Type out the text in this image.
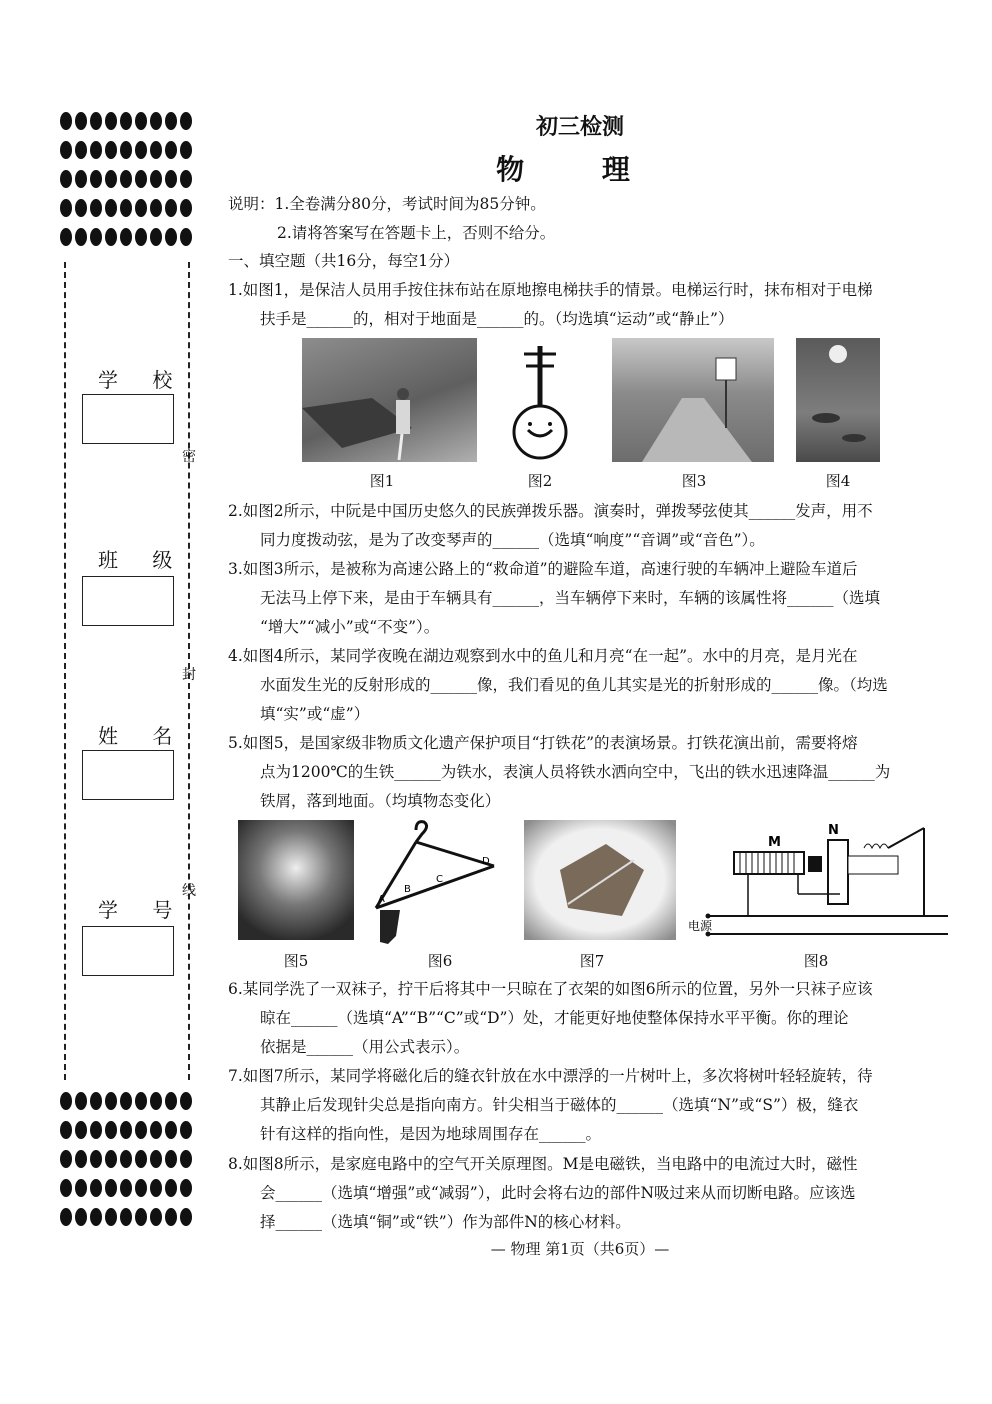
密
封
线
学 校
班 级
姓 名
学 号
初三检测
物 理
说明：1.全卷满分80分，考试时间为85分钟。
2.请将答案写在答题卡上，否则不给分。
一、填空题（共16分，每空1分）
1.如图1，是保洁人员用手按住抹布站在原地擦电梯扶手的情景。电梯运行时，抹布相对于电梯
扶手是______的，相对于地面是______的。（均选填“运动”或“静止”）
图1	图2	图3	图4
2.如图2所示，中阮是中国历史悠久的民族弹拨乐器。演奏时，弹拨琴弦使其______发声，用不
同力度拨动弦，是为了改变琴声的______（选填“响度”“音调”或“音色”）。
3.如图3所示，是被称为高速公路上的“救命道”的避险车道，高速行驶的车辆冲上避险车道后
无法马上停下来，是由于车辆具有______，当车辆停下来时，车辆的该属性将______（选填
“增大”“减小”或“不变”）。
4.如图4所示，某同学夜晚在湖边观察到水中的鱼儿和月亮“在一起”。水中的月亮，是月光在
水面发生光的反射形成的______像，我们看见的鱼儿其实是光的折射形成的______像。（均选
填“实”或“虚”）
5.如图5，是国家级非物质文化遗产保护项目“打铁花”的表演场景。打铁花演出前，需要将熔
点为1200℃的生铁______为铁水，表演人员将铁水洒向空中，飞出的铁水迅速降温______为
铁屑，落到地面。（均填物态变化）
A
B
C
D
M
N
电源
图5	图6	图7	图8
6.某同学洗了一双袜子，拧干后将其中一只晾在了衣架的如图6所示的位置，另外一只袜子应该
晾在______（选填“A”“B”“C”或“D”）处，才能更好地使整体保持水平平衡。你的理论
依据是______（用公式表示）。
7.如图7所示，某同学将磁化后的缝衣针放在水中漂浮的一片树叶上，多次将树叶轻轻旋转，待
其静止后发现针尖总是指向南方。针尖相当于磁体的______（选填“N”或“S”）极，缝衣
针有这样的指向性，是因为地球周围存在______。
8.如图8所示，是家庭电路中的空气开关原理图。M是电磁铁，当电路中的电流过大时，磁性
会______（选填“增强”或“减弱”），此时会将右边的部件N吸过来从而切断电路。应该选
择______（选填“铜”或“铁”）作为部件N的核心材料。
— 物理 第1页（共6页）—
